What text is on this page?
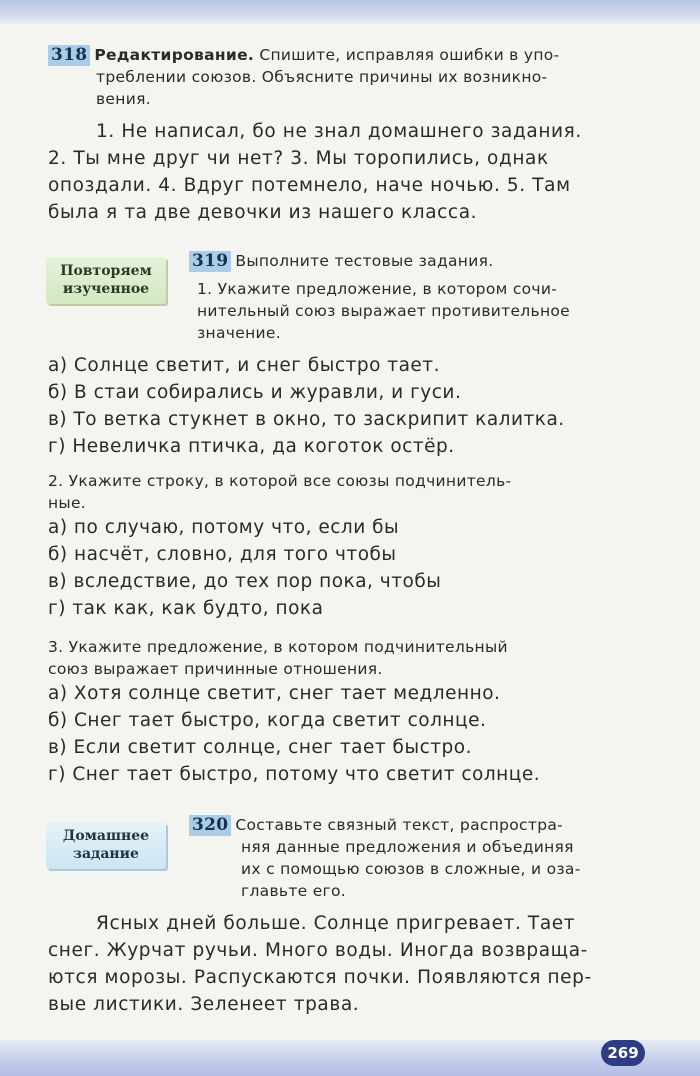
318 Редактирование. Спишите, исправляя ошибки в упо-
треблении союзов. Объясните причины их возникно-
вения.

1. Не написал, бо не знал домашнего задания.

2. Ты мне друг чи нет? 3. Мы торопились, однак

опоздали. 4. Вдруг потемнело, наче ночью. 5. Там

была я та две девочки из нашего класса.

Повторяем
изученное
319 Выполните тестовые задания.
1. Укажите предложение, в котором сочи-
нительный союз выражает противительное
значение.

а) Солнце светит, и снег быстро тает.

б) В стаи собирались и журавли, и гуси.

в) То ветка стукнет в окно, то заскрипит калитка.

г) Невеличка птичка, да коготок остёр.

2. Укажите строку, в которой все союзы подчинитель-

ные.

а) по случаю, потому что, если бы

б) насчёт, словно, для того чтобы

в) вследствие, до тех пор пока, чтобы

г) так как, как будто, пока

3. Укажите предложение, в котором подчинительный

союз выражает причинные отношения.

а) Хотя солнце светит, снег тает медленно.

б) Снег тает быстро, когда светит солнце.

в) Если светит солнце, снег тает быстро.

г) Снег тает быстро, потому что светит солнце.

Домашнее
задание
320 Составьте связный текст, распростра-
няя данные предложения и объединяя
их с помощью союзов в сложные, и оза-
главьте его.

Ясных дней больше. Солнце пригревает. Тает

снег. Журчат ручьи. Много воды. Иногда возвраща-

ются морозы. Распускаются почки. Появляются пер-

вые листики. Зеленеет трава.

269
